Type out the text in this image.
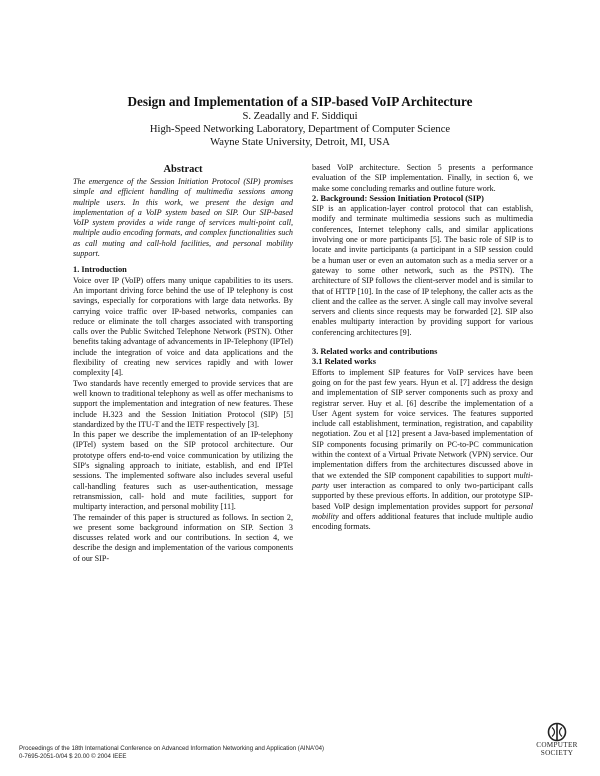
Design and Implementation of a SIP-based VoIP Architecture
S. Zeadally and F. Siddiqui
High-Speed Networking Laboratory, Department of Computer Science
Wayne State University, Detroit, MI, USA
Abstract

The emergence of the Session Initiation Protocol (SIP) promises simple and efficient handling of multimedia sessions among multiple users. In this work, we present the design and implementation of a VoIP system based on SIP. Our SIP-based VoIP system provides a wide range of services multi-point call, multiple audio encoding formats, and complex functionalities such as call muting and call-hold facilities, and personal mobility support.

1. Introduction

Voice over IP (VoIP) offers many unique capabilities to its users. An important driving force behind the use of IP telephony is cost savings, especially for corporations with large data networks. By carrying voice traffic over IP-based networks, companies can reduce or eliminate the toll charges associated with transporting calls over the Public Switched Telephone Network (PSTN). Other benefits taking advantage of advancements in IP-Telephony (IPTel) include the integration of voice and data applications and the flexibility of creating new services rapidly and with lower complexity [4].

Two standards have recently emerged to provide services that are well known to traditional telephony as well as offer mechanisms to support the implementation and integration of new features. These include H.323 and the Session Initiation Protocol (SIP) [5] standardized by the ITU-T and the IETF respectively [3].

In this paper we describe the implementation of an IP-telephony (IPTel) system based on the SIP protocol architecture. Our prototype offers end-to-end voice communication by utilizing the SIP's signaling approach to initiate, establish, and end IPTel sessions. The implemented software also includes several useful call-handling features such as user-authentication, message retransmission, call- hold and mute facilities, support for multiparty interaction, and personal mobility [11].

The remainder of this paper is structured as follows. In section 2, we present some background information on SIP. Section 3 discusses related work and our contributions. In section 4, we describe the design and implementation of the various components of our SIP-

based VoIP architecture. Section 5 presents a performance evaluation of the SIP implementation. Finally, in section 6, we make some concluding remarks and outline future work.

2. Background: Session Initiation Protocol (SIP)

SIP is an application-layer control protocol that can establish, modify and terminate multimedia sessions such as multimedia conferences, Internet telephony calls, and similar applications involving one or more participants [5]. The basic role of SIP is to locate and invite participants (a participant in a SIP session could be a human user or even an automaton such as a media server or a gateway to some other network, such as the PSTN). The architecture of SIP follows the client-server model and is similar to that of HTTP [10]. In the case of IP telephony, the caller acts as the client and the callee as the server. A single call may involve several servers and clients since requests may be forwarded [2]. SIP also enables multiparty interaction by providing support for various conferencing architectures [9].

3. Related works and contributions
3.1 Related works

Efforts to implement SIP features for VoIP services have been going on for the past few years. Hyun et al. [7] address the design and implementation of SIP server components such as proxy and registrar server. Huy et al. [6] describe the implementation of a User Agent system for voice services. The features supported include call establishment, termination, registration, and capability negotiation. Zou et al [12] present a Java-based implementation of SIP components focusing primarily on PC-to-PC communication within the context of a Virtual Private Network (VPN) service. Our implementation differs from the architectures discussed above in that we extended the SIP component capabilities to support multi-party user interaction as compared to only two-participant calls supported by these previous efforts. In addition, our prototype SIP-based VoIP design implementation provides support for personal mobility and offers additional features that include multiple audio encoding formats.

Proceedings of the 18th International Conference on Advanced Information Networking and Application (AINA'04)
0-7695-2051-0/04 $ 20.00 © 2004 IEEE
COMPUTER
SOCIETY
